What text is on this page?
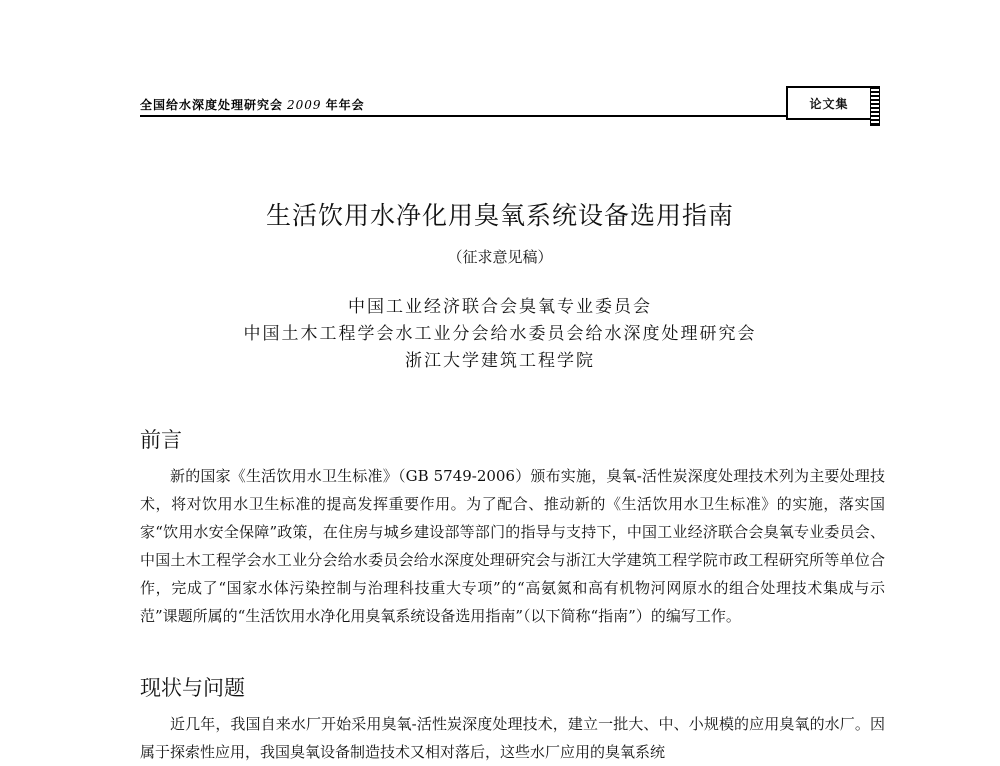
全国给水深度处理研究会 2009 年年会	论文集
生活饮用水净化用臭氧系统设备选用指南
（征求意见稿）
中国工业经济联合会臭氧专业委员会
中国土木工程学会水工业分会给水委员会给水深度处理研究会
浙江大学建筑工程学院
前言

新的国家《生活饮用水卫生标准》（GB 5749-2006）颁布实施，臭氧-活性炭深度处理技术列为主要处理技术，将对饮用水卫生标准的提高发挥重要作用。为了配合、推动新的《生活饮用水卫生标准》的实施，落实国家“饮用水安全保障”政策，在住房与城乡建设部等部门的指导与支持下，中国工业经济联合会臭氧专业委员会、中国土木工程学会水工业分会给水委员会给水深度处理研究会与浙江大学建筑工程学院市政工程研究所等单位合作，完成了“国家水体污染控制与治理科技重大专项”的“高氨氮和高有机物河网原水的组合处理技术集成与示范”课题所属的“生活饮用水净化用臭氧系统设备选用指南”（以下简称“指南”）的编写工作。

现状与问题

近几年，我国自来水厂开始采用臭氧-活性炭深度处理技术，建立一批大、中、小规模的应用臭氧的水厂。因属于探索性应用，我国臭氧设备制造技术又相对落后，这些水厂应用的臭氧系统
